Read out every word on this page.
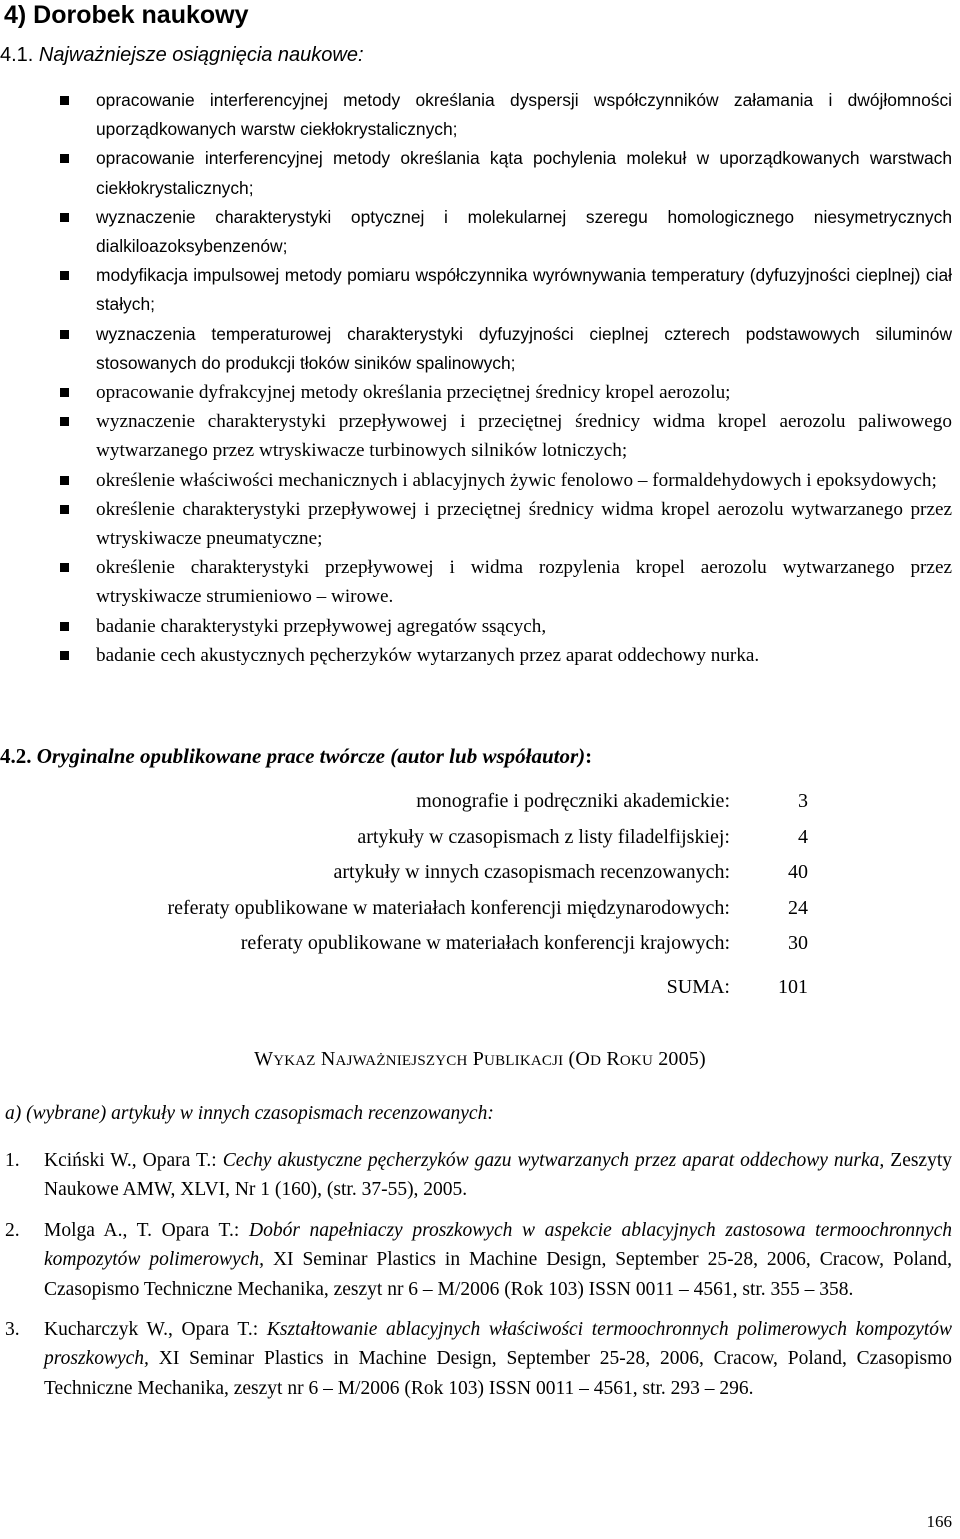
4) Dorobek naukowy
4.1. Najważniejsze osiągnięcia naukowe:
opracowanie interferencyjnej metody określania dyspersji współczynników załamania i dwójłomności uporządkowanych warstw ciekłokrystalicznych;
opracowanie interferencyjnej metody określania kąta pochylenia molekuł w uporządkowanych warstwach ciekłokrystalicznych;
wyznaczenie charakterystyki optycznej i molekularnej szeregu homologicznego niesymetrycznych dialkiloazoksybenzenów;
modyfikacja impulsowej metody pomiaru współczynnika wyrównywania temperatury (dyfuzyjności cieplnej) ciał stałych;
wyznaczenia temperaturowej charakterystyki dyfuzyjności cieplnej czterech podstawowych siluminów stosowanych do produkcji tłoków siników spalinowych;
opracowanie dyfrakcyjnej metody określania przeciętnej średnicy kropel aerozolu;
wyznaczenie charakterystyki przepływowej i przeciętnej średnicy widma kropel aerozolu paliwowego wytwarzanego przez wtryskiwacze turbinowych silników lotniczych;
określenie właściwości mechanicznych i ablacyjnych żywic fenolowo – formaldehydowych i epoksydowych;
określenie charakterystyki przepływowej i przeciętnej średnicy widma kropel aerozolu wytwarzanego przez wtryskiwacze pneumatyczne;
określenie charakterystyki przepływowej i widma rozpylenia kropel aerozolu wytwarzanego przez wtryskiwacze strumieniowo – wirowe.
badanie charakterystyki przepływowej agregatów ssących,
badanie cech akustycznych pęcherzyków wytarzanych przez aparat oddechowy nurka.
4.2. Oryginalne opublikowane prace twórcze (autor lub współautor):
monografie i podręczniki akademickie:	3
artykuły w czasopismach z listy filadelfijskiej:	4
artykuły w innych czasopismach recenzowanych:	40
referaty opublikowane w materiałach konferencji międzynarodowych:	24
referaty opublikowane w materiałach konferencji krajowych:	30
SUMA: 101
WYKAZ NAJWAŻNIEJSZYCH PUBLIKACJI (OD ROKU 2005)
a) (wybrane) artykuły w innych czasopismach recenzowanych:
1. Kciński W., Opara T.: Cechy akustyczne pęcherzyków gazu wytwarzanych przez aparat oddechowy nurka, Zeszyty Naukowe AMW, XLVI, Nr 1 (160), (str. 37-55), 2005.
2. Molga A., T. Opara T.: Dobór napełniaczy proszkowych w aspekcie ablacyjnych zastosowa termoochronnych kompozytów polimerowych, XI Seminar Plastics in Machine Design, September 25-28, 2006, Cracow, Poland, Czasopismo Techniczne Mechanika, zeszyt nr 6 – M/2006 (Rok 103) ISSN 0011 – 4561, str. 355 – 358.
3. Kucharczyk W., Opara T.: Kształtowanie ablacyjnych właściwości termoochronnych polimerowych kompozytów proszkowych, XI Seminar Plastics in Machine Design, September 25-28, 2006, Cracow, Poland, Czasopismo Techniczne Mechanika, zeszyt nr 6 – M/2006 (Rok 103) ISSN 0011 – 4561, str. 293 – 296.
166
